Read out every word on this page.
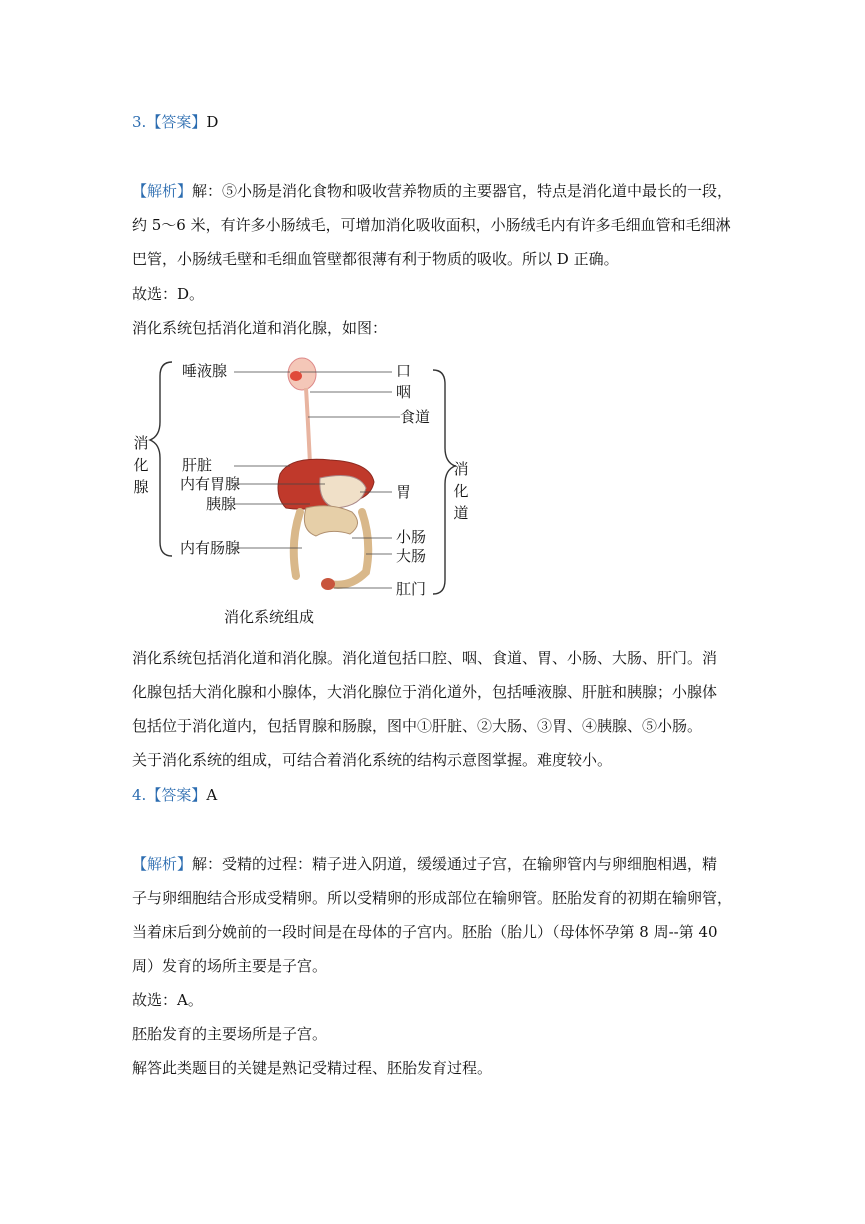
3.【答案】D
【解析】解：⑤小肠是消化食物和吸收营养物质的主要器官，特点是消化道中最长的一段，
约 5～6 米，有许多小肠绒毛，可增加消化吸收面积，小肠绒毛内有许多毛细血管和毛细淋
巴管，小肠绒毛壁和毛细血管壁都很薄有利于物质的吸收。所以 D 正确。
故选：D。
消化系统包括消化道和消化腺，如图：
消化腺
消化道
唾液腺
肝脏
内有胃腺
胰腺
内有肠腺
口
咽
食道
胃
小肠
大肠
肛门
消化系统组成
消化系统包括消化道和消化腺。消化道包括口腔、咽、食道、胃、小肠、大肠、肝门。消
化腺包括大消化腺和小腺体，大消化腺位于消化道外，包括唾液腺、肝脏和胰腺；小腺体
包括位于消化道内，包括胃腺和肠腺，图中①肝脏、②大肠、③胃、④胰腺、⑤小肠。
关于消化系统的组成，可结合着消化系统的结构示意图掌握。难度较小。
4.【答案】A
【解析】解：受精的过程：精子进入阴道，缓缓通过子宫，在输卵管内与卵细胞相遇，精
子与卵细胞结合形成受精卵。所以受精卵的形成部位在输卵管。胚胎发育的初期在输卵管，
当着床后到分娩前的一段时间是在母体的子宫内。胚胎（胎儿）（母体怀孕第 8 周--第 40
周）发育的场所主要是子宫。
故选：A。
胚胎发育的主要场所是子宫。
解答此类题目的关键是熟记受精过程、胚胎发育过程。
